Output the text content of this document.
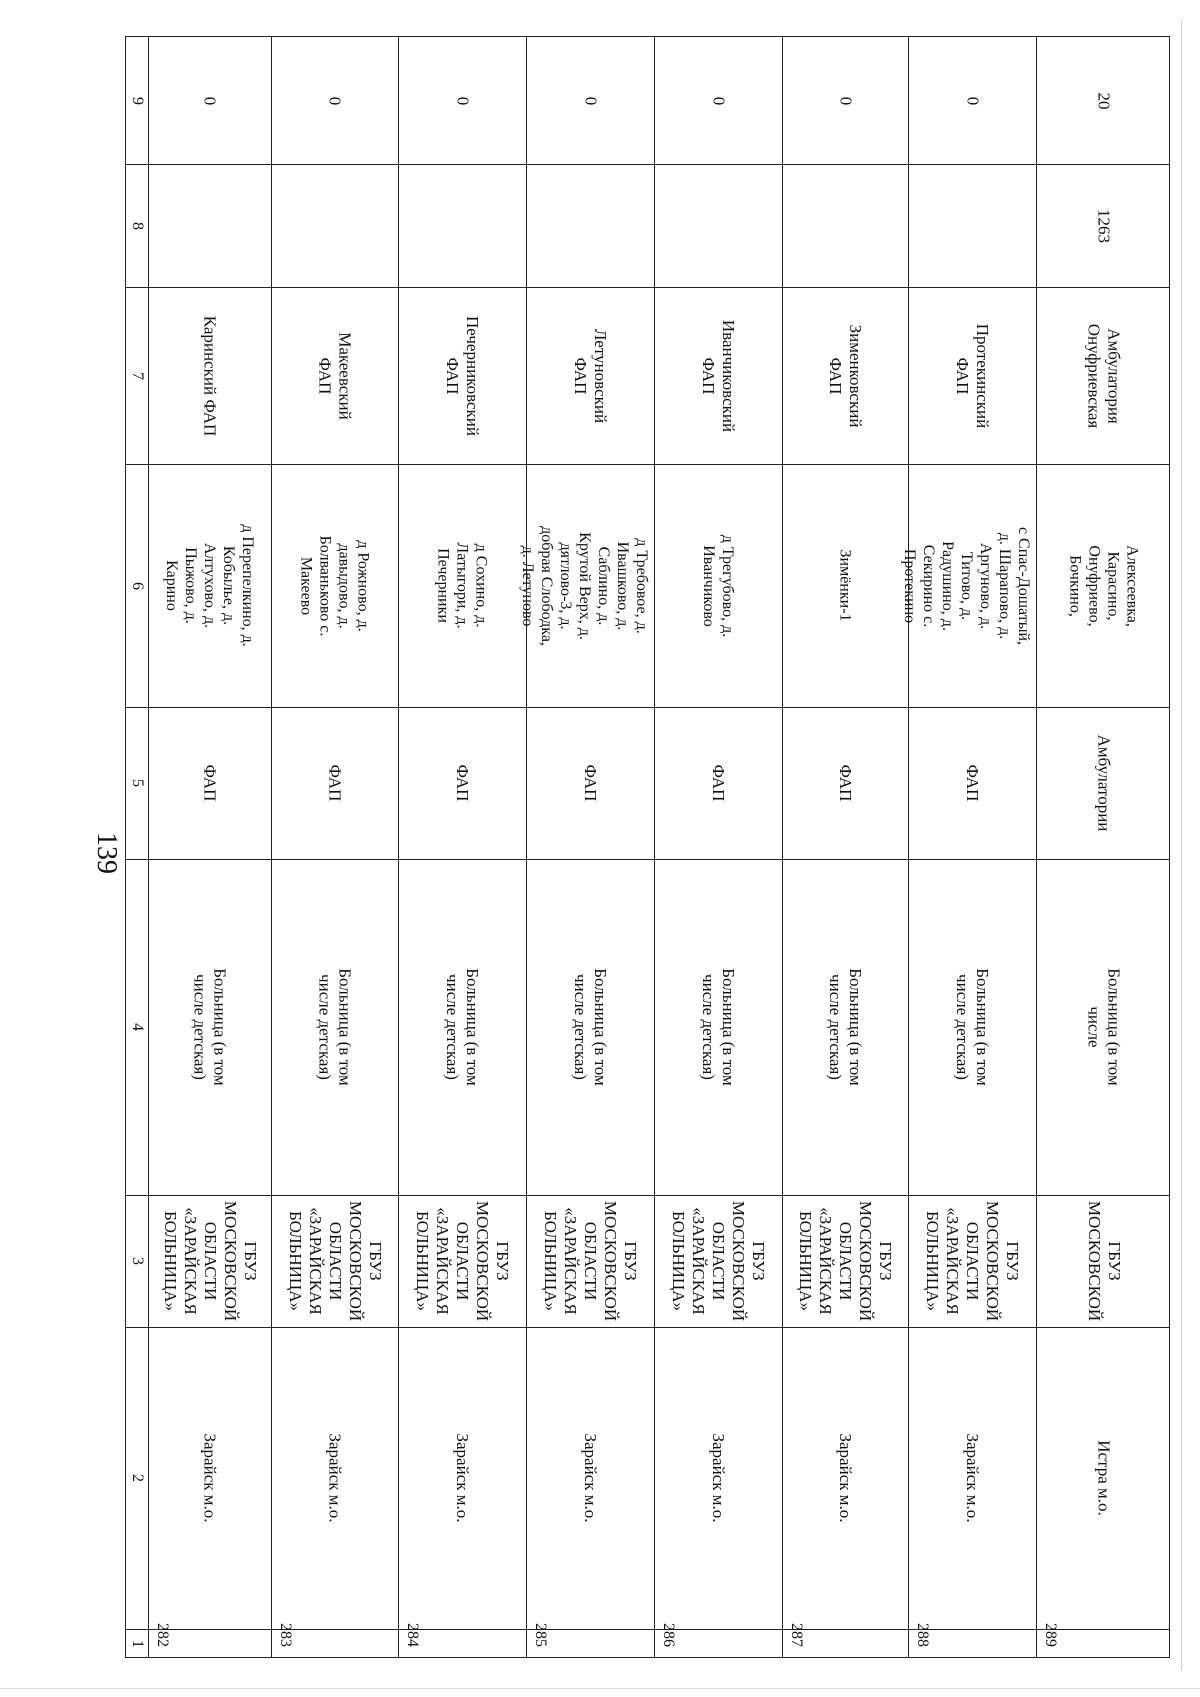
139
9
8
7
6
5
4
3
2
1
0
Каринский ФАП
д Перепелкино, д. Кобылье, д. Алтухово, д. Пыжово, д. Карино
ФАП
Больница (в том числе детская)
ГБУЗ МОСКОВСКОЙ ОБЛАСТИ «ЗАРАЙСКАЯ БОЛЬНИЦА»
Зарайск м.о.
282
0
Макеевский ФАП
д Рожново, д. давыдово, д. Болваньково с. Макеево
ФАП
Больница (в том числе детская)
ГБУЗ МОСКОВСКОЙ ОБЛАСТИ «ЗАРАЙСКАЯ БОЛЬНИЦА»
Зарайск м.о.
283
0
Печерниковский ФАП
д Сохино, д. Латыгори, д. Печерники
ФАП
Больница (в том числе детская)
ГБУЗ МОСКОВСКОЙ ОБЛАСТИ «ЗАРАЙСКАЯ БОЛЬНИЦА»
Зарайск м.о.
284
0
Летуновский ФАП
д Требовое, д. Ивашково, д. Саблино, д. Крутой Верх, д. дятлово-3, д. добрая Слободка, д. Летуново
ФАП
Больница (в том числе детская)
ГБУЗ МОСКОВСКОЙ ОБЛАСТИ «ЗАРАЙСКАЯ БОЛЬНИЦА»
Зарайск м.о.
285
0
Иванчиковский ФАП
д Трегубово, д. Иванчиково
ФАП
Больница (в том числе детская)
ГБУЗ МОСКОВСКОЙ ОБЛАСТИ «ЗАРАЙСКАЯ БОЛЬНИЦА»
Зарайск м.о.
286
0
Зименковский ФАП
Зимёнки-1
ФАП
Больница (в том числе детская)
ГБУЗ МОСКОВСКОЙ ОБЛАСТИ «ЗАРАЙСКАЯ БОЛЬНИЦА»
Зарайск м.о.
287
0
Протекинский ФАП
с Спас-Дошатый, д. Шарапово, д. Аргуново, д. Титово, д. Радушино, д. Секирино с. Протекино
ФАП
Больница (в том числе детская)
ГБУЗ МОСКОВСКОЙ ОБЛАСТИ «ЗАРАЙСКАЯ БОЛЬНИЦА»
Зарайск м.о.
288
20
1263
Амбулатория Онуфриевская
Алексеевка, Карасино, Онуфриево, Бочкино,
Амбулатории
Больница (в том числе
ГБУЗ МОСКОВСКОЙ
Истра м.о.
289
